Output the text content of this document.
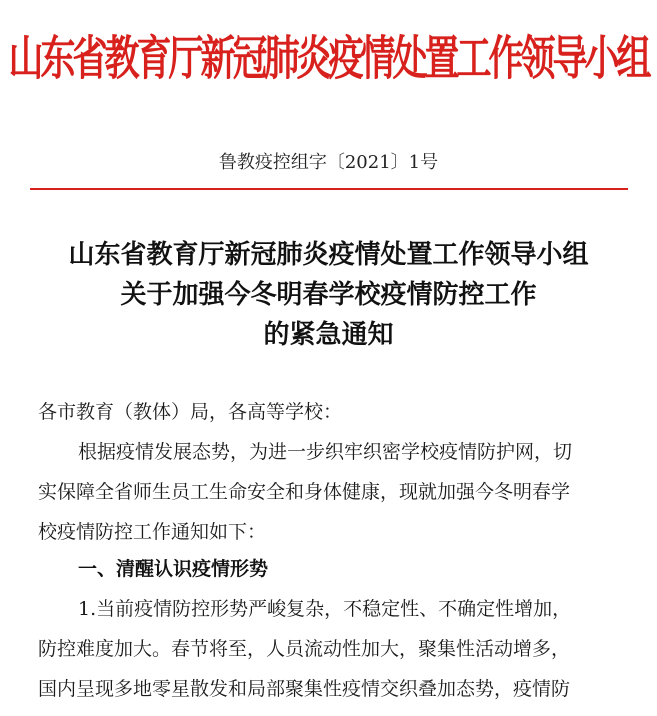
山东省教育厅新冠肺炎疫情处置工作领导小组
鲁教疫控组字〔2021〕1号
山东省教育厅新冠肺炎疫情处置工作领导小组
关于加强今冬明春学校疫情防控工作
的紧急通知
各市教育（教体）局，各高等学校：
根据疫情发展态势，为进一步织牢织密学校疫情防护网，切
实保障全省师生员工生命安全和身体健康，现就加强今冬明春学
校疫情防控工作通知如下：
一、清醒认识疫情形势
1.当前疫情防控形势严峻复杂，不稳定性、不确定性增加，
防控难度加大。春节将至，人员流动性加大，聚集性活动增多，
国内呈现多地零星散发和局部聚集性疫情交织叠加态势，疫情防
